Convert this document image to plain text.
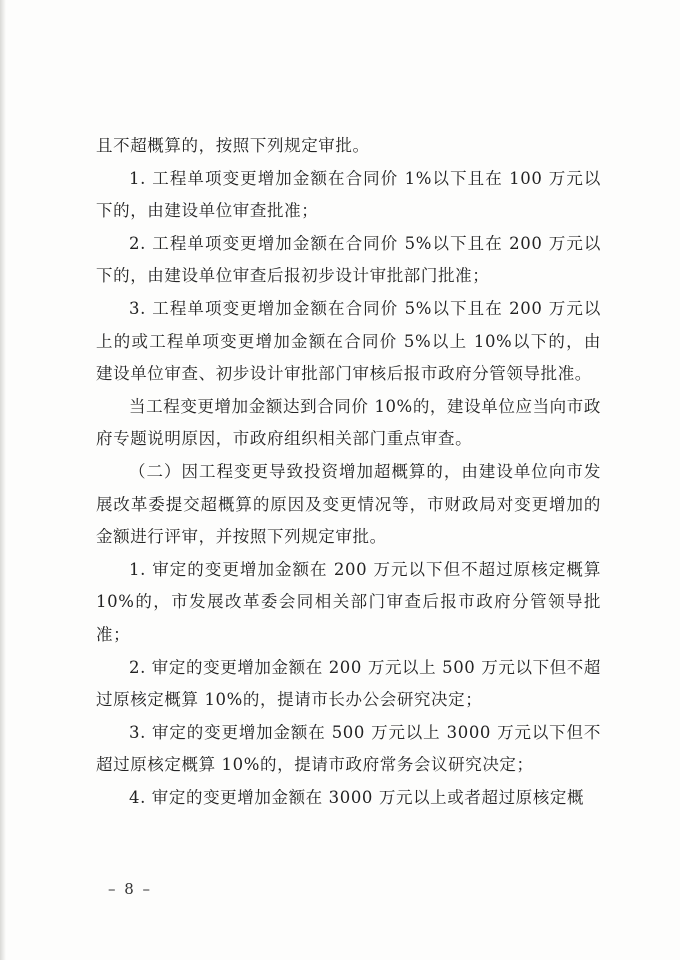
且不超概算的，按照下列规定审批。

1. 工程单项变更增加金额在合同价 1%以下且在 100 万元以下的，由建设单位审查批准；

2. 工程单项变更增加金额在合同价 5%以下且在 200 万元以下的，由建设单位审查后报初步设计审批部门批准；

3. 工程单项变更增加金额在合同价 5%以下且在 200 万元以上的或工程单项变更增加金额在合同价 5%以上 10%以下的，由建设单位审查、初步设计审批部门审核后报市政府分管领导批准。

当工程变更增加金额达到合同价 10%的，建设单位应当向市政府专题说明原因，市政府组织相关部门重点审查。

（二）因工程变更导致投资增加超概算的，由建设单位向市发展改革委提交超概算的原因及变更情况等，市财政局对变更增加的金额进行评审，并按照下列规定审批。

1. 审定的变更增加金额在 200 万元以下但不超过原核定概算 10%的，市发展改革委会同相关部门审查后报市政府分管领导批准；

2. 审定的变更增加金额在 200 万元以上 500 万元以下但不超过原核定概算 10%的，提请市长办公会研究决定；

3. 审定的变更增加金额在 500 万元以上 3000 万元以下但不超过原核定概算 10%的，提请市政府常务会议研究决定；

4. 审定的变更增加金额在 3000 万元以上或者超过原核定概

– 8 –
